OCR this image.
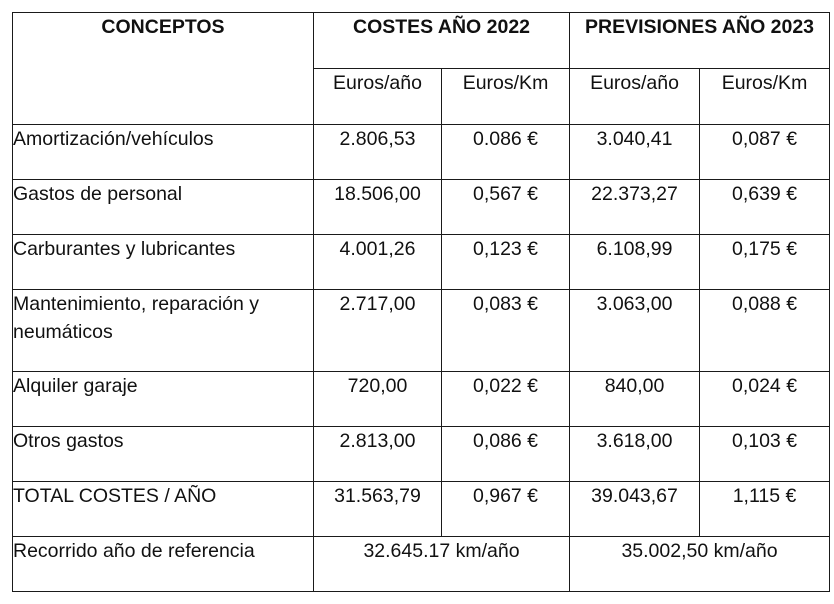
CONCEPTOS	COSTES AÑO 2022		PREVISIONES AÑO 2023	
	Euros/año	Euros/Km	Euros/año	Euros/Km
Amortización/vehículos	2.806,53	0.086 €	3.040,41	0,087 €
Gastos de personal	18.506,00	0,567 €	22.373,27	0,639 €
Carburantes y lubricantes	4.001,26	0,123 €	6.108,99	0,175 €
Mantenimiento, reparación y neumáticos	2.717,00	0,083 €	3.063,00	0,088 €
Alquiler garaje	720,00	0,022 €	840,00	0,024 €
Otros gastos	2.813,00	0,086 €	3.618,00	0,103 €
TOTAL COSTES / AÑO	31.563,79	0,967 €	39.043,67	1,115 €
Recorrido año de referencia	32.645.17 km/año		35.002,50 km/año	
